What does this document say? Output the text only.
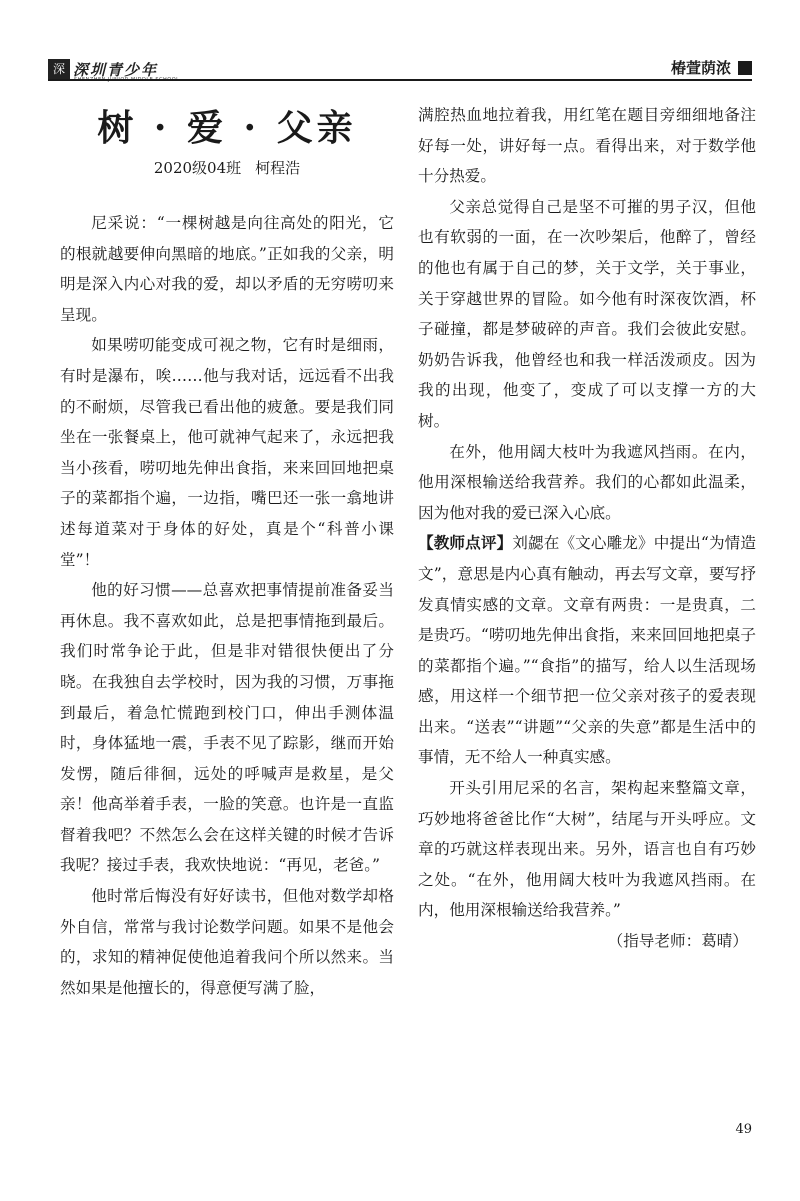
深 深圳青少年
SHENZHEN JUNIOR MIDDLE SCHOOL
椿萱荫浓
树 · 爱 · 父亲
2020级04班 柯程浩

尼采说：“一棵树越是向往高处的阳光，它的根就越要伸向黑暗的地底。”正如我的父亲，明明是深入内心对我的爱，却以矛盾的无穷唠叨来呈现。

如果唠叨能变成可视之物，它有时是细雨，有时是瀑布，唉……他与我对话，远远看不出我的不耐烦，尽管我已看出他的疲惫。要是我们同坐在一张餐桌上，他可就神气起来了，永远把我当小孩看，唠叨地先伸出食指，来来回回地把桌子的菜都指个遍，一边指，嘴巴还一张一翕地讲述每道菜对于身体的好处，真是个“科普小课堂”！

他的好习惯——总喜欢把事情提前准备妥当再休息。我不喜欢如此，总是把事情拖到最后。我们时常争论于此，但是非对错很快便出了分晓。在我独自去学校时，因为我的习惯，万事拖到最后，着急忙慌跑到校门口，伸出手测体温时，身体猛地一震，手表不见了踪影，继而开始发愣，随后徘徊，远处的呼喊声是救星，是父亲！他高举着手表，一脸的笑意。也许是一直监督着我吧？不然怎么会在这样关键的时候才告诉我呢？接过手表，我欢快地说：“再见，老爸。”

他时常后悔没有好好读书，但他对数学却格外自信，常常与我讨论数学问题。如果不是他会的，求知的精神促使他追着我问个所以然来。当然如果是他擅长的，得意便写满了脸，

满腔热血地拉着我，用红笔在题目旁细细地备注好每一处，讲好每一点。看得出来，对于数学他十分热爱。

父亲总觉得自己是坚不可摧的男子汉，但他也有软弱的一面，在一次吵架后，他醉了，曾经的他也有属于自己的梦，关于文学，关于事业，关于穿越世界的冒险。如今他有时深夜饮酒，杯子碰撞，都是梦破碎的声音。我们会彼此安慰。奶奶告诉我，他曾经也和我一样活泼顽皮。因为我的出现，他变了，变成了可以支撑一方的大树。

在外，他用阔大枝叶为我遮风挡雨。在内，他用深根输送给我营养。我们的心都如此温柔，因为他对我的爱已深入心底。

【教师点评】刘勰在《文心雕龙》中提出“为情造文”，意思是内心真有触动，再去写文章，要写抒发真情实感的文章。文章有两贵：一是贵真，二是贵巧。“唠叨地先伸出食指，来来回回地把桌子的菜都指个遍。”“食指”的描写，给人以生活现场感，用这样一个细节把一位父亲对孩子的爱表现出来。“送表”“讲题”“父亲的失意”都是生活中的事情，无不给人一种真实感。

开头引用尼采的名言，架构起来整篇文章，巧妙地将爸爸比作“大树”，结尾与开头呼应。文章的巧就这样表现出来。另外，语言也自有巧妙之处。“在外，他用阔大枝叶为我遮风挡雨。在内，他用深根输送给我营养。”

（指导老师：葛晴）

49
